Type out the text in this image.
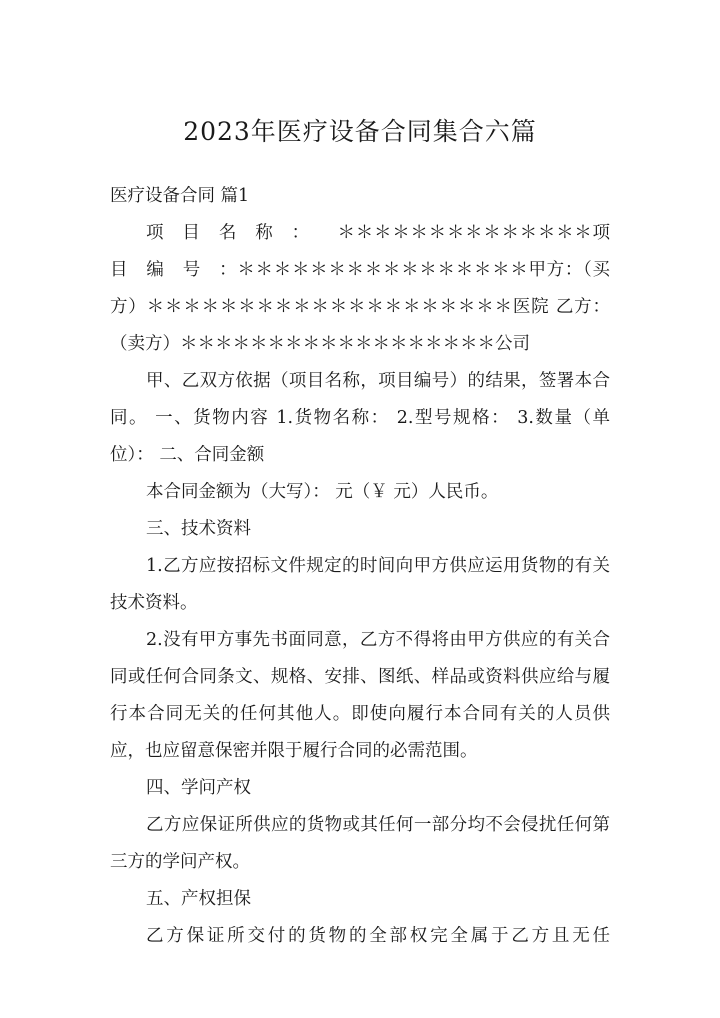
2023年医疗设备合同集合六篇

医疗设备合同 篇1

项　目　名　称　：　　＊＊＊＊＊＊＊＊＊＊＊＊＊＊项　目　编　号　：＊＊＊＊＊＊＊＊＊＊＊＊＊＊＊＊甲方：（买方）＊＊＊＊＊＊＊＊＊＊＊＊＊＊＊＊＊＊＊＊医院 乙方：（卖方）＊＊＊＊＊＊＊＊＊＊＊＊＊＊＊＊＊＊公司

甲、乙双方依据（项目名称，项目编号）的结果，签署本合同。 一、货物内容 1.货物名称： 2.型号规格： 3.数量（单位）： 二、合同金额

本合同金额为（大写）： 元（￥ 元）人民币。

三、技术资料

1.乙方应按招标文件规定的时间向甲方供应运用货物的有关技术资料。

2.没有甲方事先书面同意，乙方不得将由甲方供应的有关合同或任何合同条文、规格、安排、图纸、样品或资料供应给与履行本合同无关的任何其他人。即使向履行本合同有关的人员供应，也应留意保密并限于履行合同的必需范围。

四、学问产权

乙方应保证所供应的货物或其任何一部分均不会侵扰任何第三方的学问产权。

五、产权担保

乙方保证所交付的货物的全部权完全属于乙方且无任
